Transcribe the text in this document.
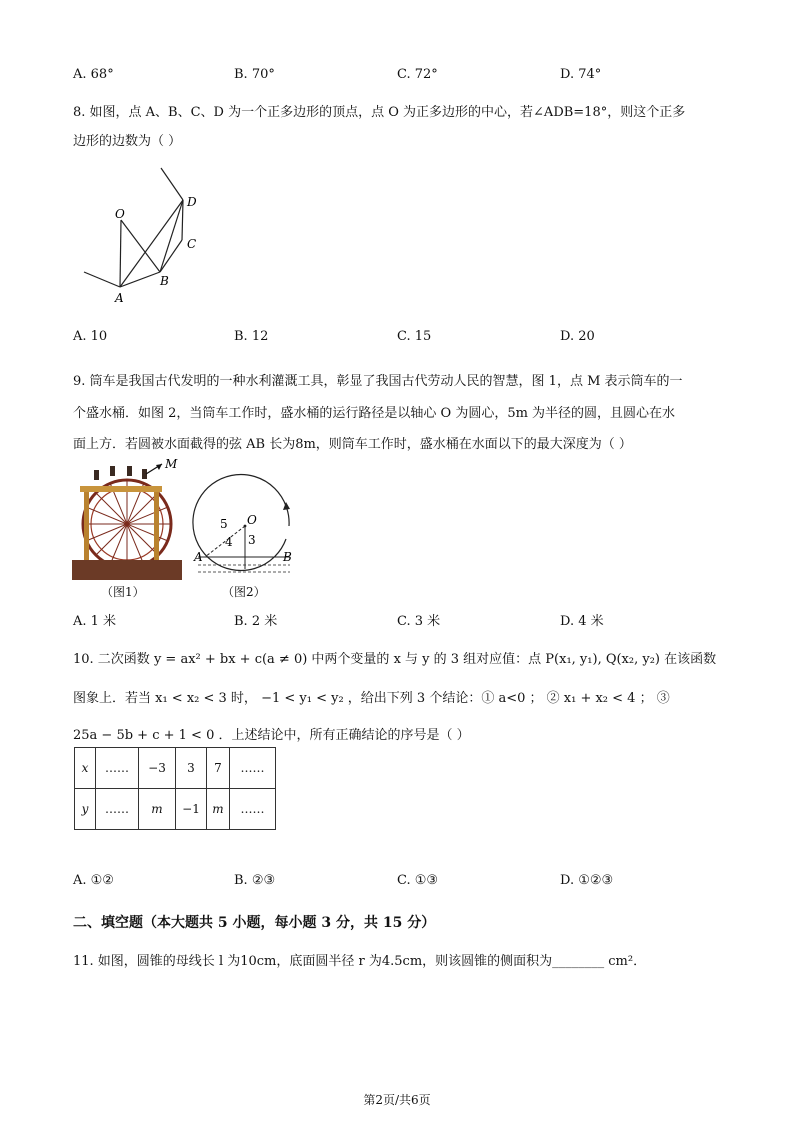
A. 68°	B. 70°	C. 72°	D. 74°
8. 如图，点 A、B、C、D 为一个正多边形的顶点，点 O 为正多边形的中心，若∠ADB=18°，则这个正多
边形的边数为（ ）
O
A
B
C
D
A. 10	B. 12	C. 15	D. 20
9. 筒车是我国古代发明的一种水利灌溉工具，彰显了我国古代劳动人民的智慧，图 1，点 M 表示筒车的一
个盛水桶．如图 2，当筒车工作时，盛水桶的运行路径是以轴心 O 为圆心，5m 为半径的圆，且圆心在水
面上方．若圆被水面截得的弦 AB 长为8m，则筒车工作时，盛水桶在水面以下的最大深度为（ ）
M
（图1）
5 O
4 3
A	B
（图2）
A. 1 米	B. 2 米	C. 3 米	D. 4 米
10. 二次函数 y = ax² + bx + c(a ≠ 0) 中两个变量的 x 与 y 的 3 组对应值：点 P(x₁, y₁), Q(x₂, y₂) 在该函数
图象上．若当 x₁ < x₂ < 3 时， −1 < y₁ < y₂ ，给出下列 3 个结论：① a<0 ； ② x₁ + x₂ < 4 ； ③
25a − 5b + c + 1 < 0 ．上述结论中，所有正确结论的序号是（ ）
x	……	−3	3	7	……
y	……	m	−1	m	……
A. ①②	B. ②③	C. ①③	D. ①②③
二、填空题（本大题共 5 小题，每小题 3 分，共 15 分）
11. 如图，圆锥的母线长 l 为10cm，底面圆半径 r 为4.5cm，则该圆锥的侧面积为________ cm²．
第2页/共6页
